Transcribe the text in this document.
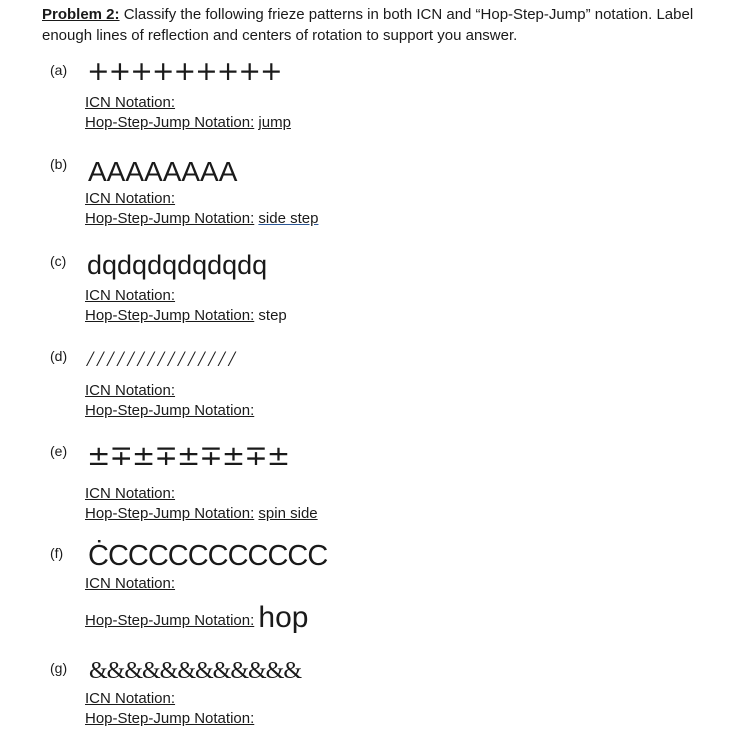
Problem 2: Classify the following frieze patterns in both ICN and “Hop-Step-Jump” notation. Label enough lines of reflection and centers of rotation to support you answer.
(a) +++++++++
ICN Notation:
Hop-Step-Jump Notation: jump
(b) AAAAAAAA
ICN Notation:
Hop-Step-Jump Notation: side step
(c) dqdqdqdqdqdq
ICN Notation:
Hop-Step-Jump Notation: step
(d) ///////////////
ICN Notation:
Hop-Step-Jump Notation:
(e) ±∓±∓±∓±∓±
ICN Notation:
Hop-Step-Jump Notation: spin side
(f) ĊCCCCCCCCCCC
ICN Notation:
Hop-Step-Jump Notation: hop
(g) &&&&&&&&&&&&
ICN Notation:
Hop-Step-Jump Notation:
